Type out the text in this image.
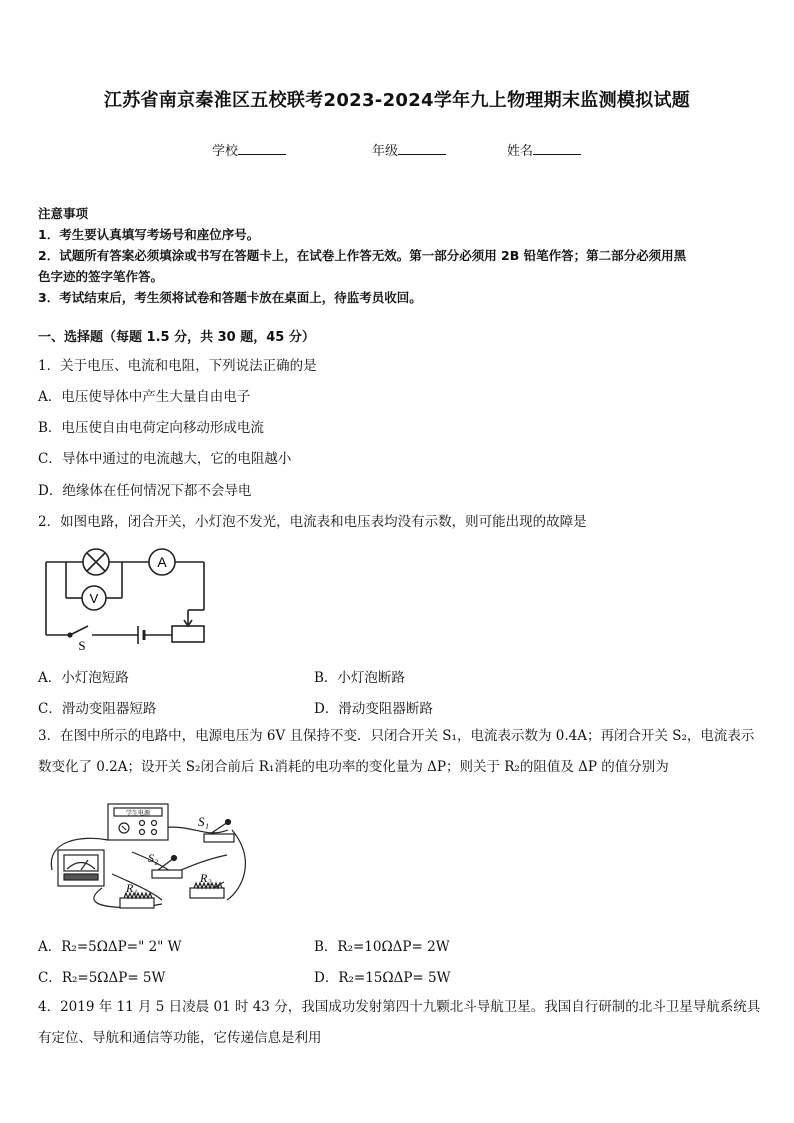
江苏省南京秦淮区五校联考2023-2024学年九上物理期末监测模拟试题
学校	年级	姓名
注意事项
1．考生要认真填写考场号和座位序号。
2．试题所有答案必须填涂或书写在答题卡上，在试卷上作答无效。第一部分必须用 2B 铅笔作答；第二部分必须用黑
色字迹的签字笔作答。
3．考试结束后，考生须将试卷和答题卡放在桌面上，待监考员收回。
一、选择题（每题 1.5 分，共 30 题，45 分）
1．关于电压、电流和电阻，下列说法正确的是
A．电压使导体中产生大量自由电子
B．电压使自由电荷定向移动形成电流
C．导体中通过的电流越大，它的电阻越小
D．绝缘体在任何情况下都不会导电
2．如图电路，闭合开关，小灯泡不发光，电流表和电压表均没有示数，则可能出现的故障是
A
V
S
A．小灯泡短路	B．小灯泡断路
C．滑动变阻器短路	D．滑动变阻器断路
3．在图中所示的电路中，电源电压为 6V 且保持不变．只闭合开关 S₁，电流表示数为 0.4A；再闭合开关 S₂，电流表示
数变化了 0.2A；设开关 S₂闭合前后 R₁消耗的电功率的变化量为 ΔP；则关于 R₂的阻值及 ΔP 的值分别为
学生电源
S₁
S₂
R₁
R₂
A．R₂=5ΩΔP=" 2" W	B．R₂=10ΩΔP= 2W
C．R₂=5ΩΔP= 5W	D．R₂=15ΩΔP= 5W
4．2019 年 11 月 5 日凌晨 01 时 43 分，我国成功发射第四十九颗北斗导航卫星。我国自行研制的北斗卫星导航系统具
有定位、导航和通信等功能，它传递信息是利用
